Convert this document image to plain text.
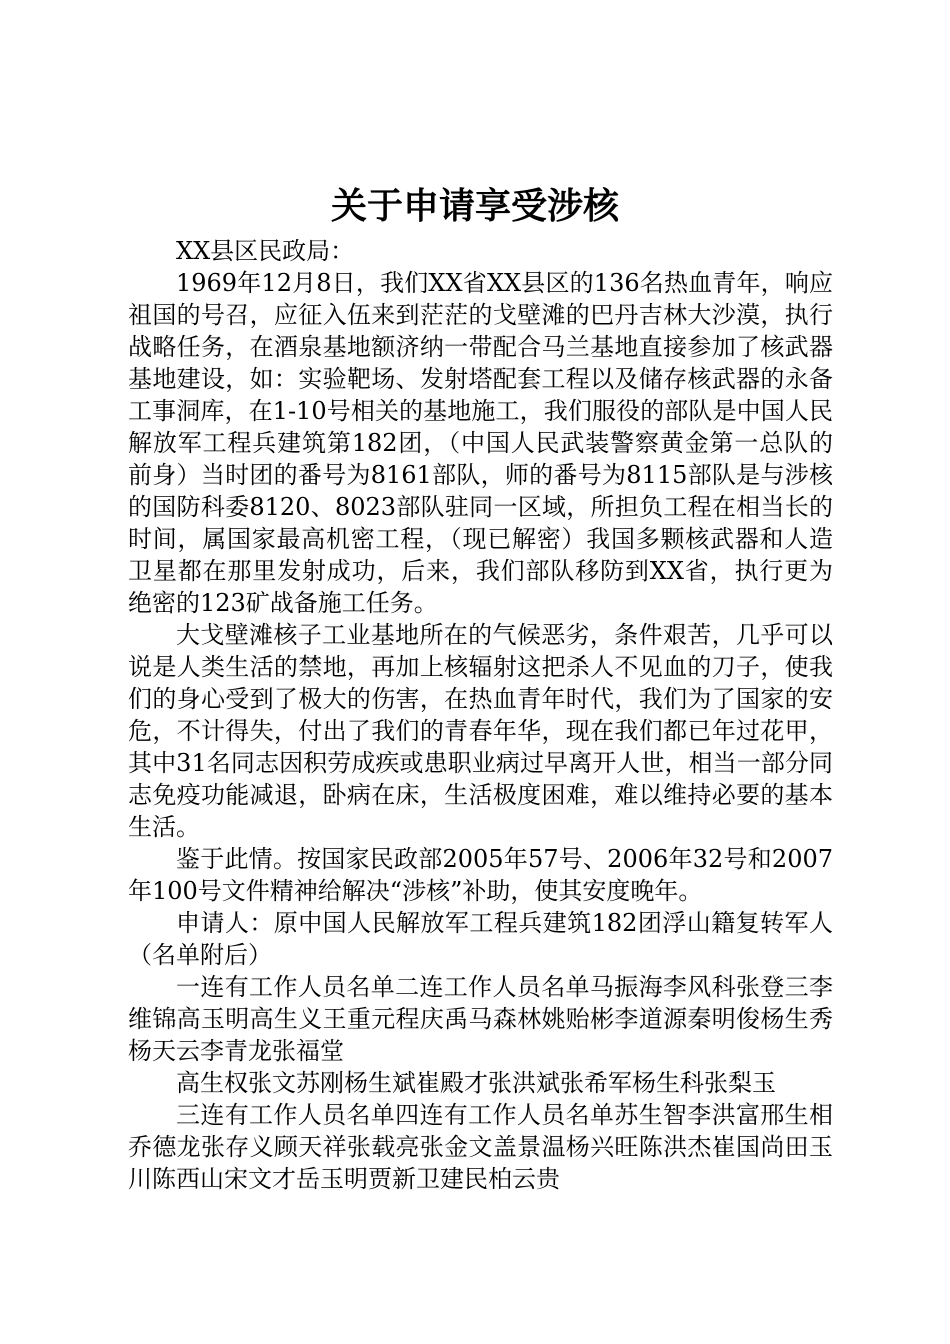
关于申请享受涉核

XX县区民政局：

1969年12月8日，我们XX省XX县区的136名热血青年，响应祖国的号召，应征入伍来到茫茫的戈壁滩的巴丹吉林大沙漠，执行战略任务，在酒泉基地额济纳一带配合马兰基地直接参加了核武器基地建设，如：实验靶场、发射塔配套工程以及储存核武器的永备工事洞库，在1-10号相关的基地施工，我们服役的部队是中国人民解放军工程兵建筑第182团，（中国人民武装警察黄金第一总队的前身）当时团的番号为8161部队，师的番号为8115部队是与涉核的国防科委8120、8023部队驻同一区域，所担负工程在相当长的时间，属国家最高机密工程，（现已解密）我国多颗核武器和人造卫星都在那里发射成功，后来，我们部队移防到XX省，执行更为绝密的123矿战备施工任务。

大戈壁滩核子工业基地所在的气候恶劣，条件艰苦，几乎可以说是人类生活的禁地，再加上核辐射这把杀人不见血的刀子，使我们的身心受到了极大的伤害，在热血青年时代，我们为了国家的安危，不计得失，付出了我们的青春年华，现在我们都已年过花甲，其中31名同志因积劳成疾或患职业病过早离开人世，相当一部分同志免疫功能减退，卧病在床，生活极度困难，难以维持必要的基本生活。

鉴于此情。按国家民政部2005年57号、2006年32号和2007年100号文件精神给解决“涉核”补助，使其安度晚年。

申请人：原中国人民解放军工程兵建筑182团浮山籍复转军人（名单附后）

一连有工作人员名单二连工作人员名单马振海李风科张登三李维锦高玉明高生义王重元程庆禹马森林姚贻彬李道源秦明俊杨生秀杨天云李青龙张福堂

高生权张文苏刚杨生斌崔殿才张洪斌张希军杨生科张梨玉

三连有工作人员名单四连有工作人员名单苏生智李洪富邢生相乔德龙张存义顾天祥张载亮张金文盖景温杨兴旺陈洪杰崔国尚田玉川陈西山宋文才岳玉明贾新卫建民柏云贵
